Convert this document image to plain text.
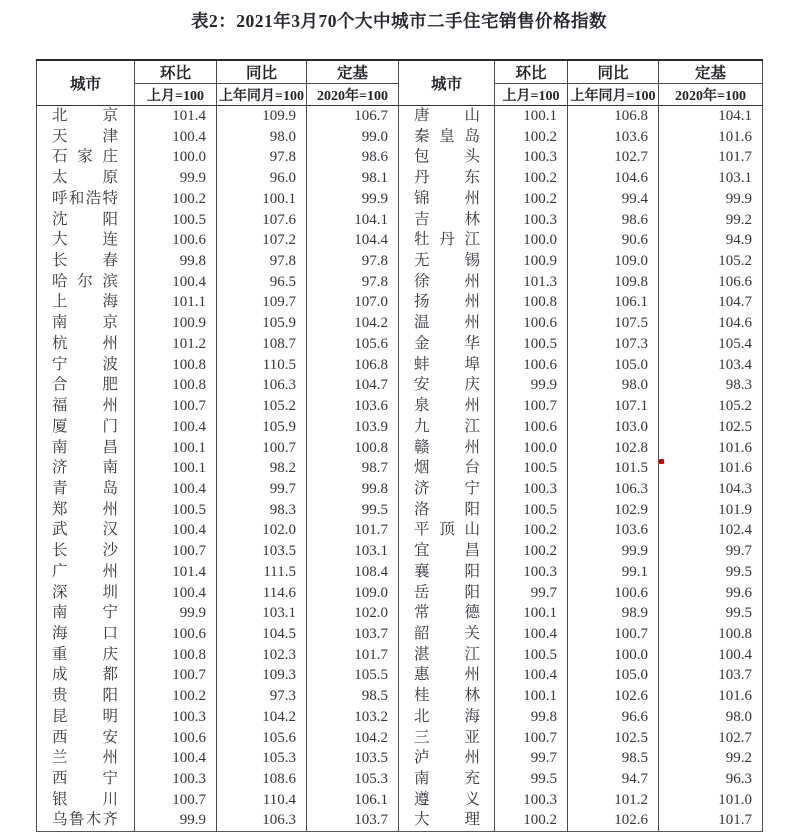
表2：2021年3月70个大中城市二手住宅销售价格指数
城市	环比	同比	定基	城市	环比	同比	定基
	上月=100	上年同月=100	2020年=100		上月=100	上年同月=100	2020年=100

北京	101.4	109.9	106.7	唐山	100.1	106.8	104.1

天津	100.4	98.0	99.0	秦皇岛	100.2	103.6	101.6

石家庄	100.0	97.8	98.6	包头	100.3	102.7	101.7

太原	99.9	96.0	98.1	丹东	100.2	104.6	103.1

呼和浩特	100.2	100.1	99.9	锦州	100.2	99.4	99.9

沈阳	100.5	107.6	104.1	吉林	100.3	98.6	99.2

大连	100.6	107.2	104.4	牡丹江	100.0	90.6	94.9

长春	99.8	97.8	97.8	无锡	100.9	109.0	105.2

哈尔滨	100.4	96.5	97.8	徐州	101.3	109.8	106.6

上海	101.1	109.7	107.0	扬州	100.8	106.1	104.7

南京	100.9	105.9	104.2	温州	100.6	107.5	104.6

杭州	101.2	108.7	105.6	金华	100.5	107.3	105.4

宁波	100.8	110.5	106.8	蚌埠	100.6	105.0	103.4

合肥	100.8	106.3	104.7	安庆	99.9	98.0	98.3

福州	100.7	105.2	103.6	泉州	100.7	107.1	105.2

厦门	100.4	105.9	103.9	九江	100.6	103.0	102.5

南昌	100.1	100.7	100.8	赣州	100.0	102.8	101.6

济南	100.1	98.2	98.7	烟台	100.5	101.5	101.6

青岛	100.4	99.7	99.8	济宁	100.3	106.3	104.3

郑州	100.5	98.3	99.5	洛阳	100.5	102.9	101.9

武汉	100.4	102.0	101.7	平顶山	100.2	103.6	102.4

长沙	100.7	103.5	103.1	宜昌	100.2	99.9	99.7

广州	101.4	111.5	108.4	襄阳	100.3	99.1	99.5

深圳	100.4	114.6	109.0	岳阳	99.7	100.6	99.6

南宁	99.9	103.1	102.0	常德	100.1	98.9	99.5

海口	100.6	104.5	103.7	韶关	100.4	100.7	100.8

重庆	100.8	102.3	101.7	湛江	100.5	100.0	100.4

成都	100.7	109.3	105.5	惠州	100.4	105.0	103.7

贵阳	100.2	97.3	98.5	桂林	100.1	102.6	101.6

昆明	100.3	104.2	103.2	北海	99.8	96.6	98.0

西安	100.6	105.6	104.2	三亚	100.7	102.5	102.7

兰州	100.4	105.3	103.5	泸州	99.7	98.5	99.2

西宁	100.3	108.6	105.3	南充	99.5	94.7	96.3

银川	100.7	110.4	106.1	遵义	100.3	101.2	101.0

乌鲁木齐	99.9	106.3	103.7	大理	100.2	102.6	101.7
